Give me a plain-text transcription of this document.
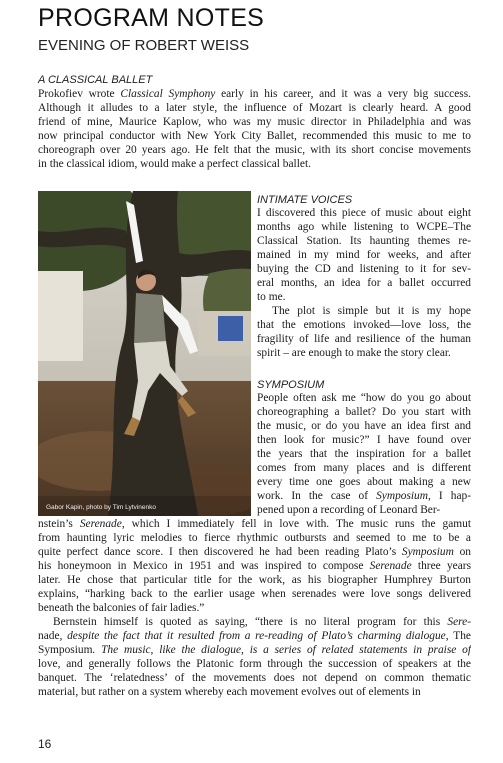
PROGRAM NOTES
EVENING OF ROBERT WEISS

A CLASSICAL BALLET

Prokofiev wrote Classical Symphony early in his career, and it was a very big success.
Although it alludes to a later style, the influence of Mozart is clearly heard. A good
friend of mine, Maurice Kaplow, who was my music director in Philadelphia and was
now principal conductor with New York City Ballet, recommended this music to me to
choreograph over 20 years ago. He felt that the music, with its short concise movements
in the classical idiom, would make a perfect classical ballet.
Gabor Kapin, photo by Tim Lytvinenko

INTIMATE VOICES

I discovered this piece of music about eight
months ago while listening to WCPE–The
Classical Station. Its haunting themes re-
mained in my mind for weeks, and after
buying the CD and listening to it for sev-
eral months, an idea for a ballet occurred
to me.
The plot is simple but it is my hope
that the emotions invoked—love loss, the
fragility of life and resilience of the human
spirit – are enough to make the story clear.

SYMPOSIUM

People often ask me “how do you go about
choreographing a ballet? Do you start with
the music, or do you have an idea first and
then look for music?” I have found over
the years that the inspiration for a ballet
comes from many places and is different
every time one goes about making a new
work. In the case of Symposium, I hap-
pened upon a recording of Leonard Ber-
nstein’s Serenade, which I immediately fell in love with. The music runs the gamut
from haunting lyric melodies to fierce rhythmic outbursts and seemed to me to be a
quite perfect dance score. I then discovered he had been reading Plato’s Symposium on
his honeymoon in Mexico in 1951 and was inspired to compose Serenade three years
later. He chose that particular title for the work, as his biographer Humphrey Burton
explains, “harking back to the earlier usage when serenades were love songs delivered
beneath the balconies of fair ladies.”
Bernstein himself is quoted as saying, “there is no literal program for this Sere-
nade, despite the fact that it resulted from a re-reading of Plato’s charming dialogue, The
Symposium. The music, like the dialogue, is a series of related statements in praise of
love, and generally follows the Platonic form through the succession of speakers at the
banquet. The ‘relatedness’ of the movements does not depend on common thematic
material, but rather on a system whereby each movement evolves out of elements in
16
